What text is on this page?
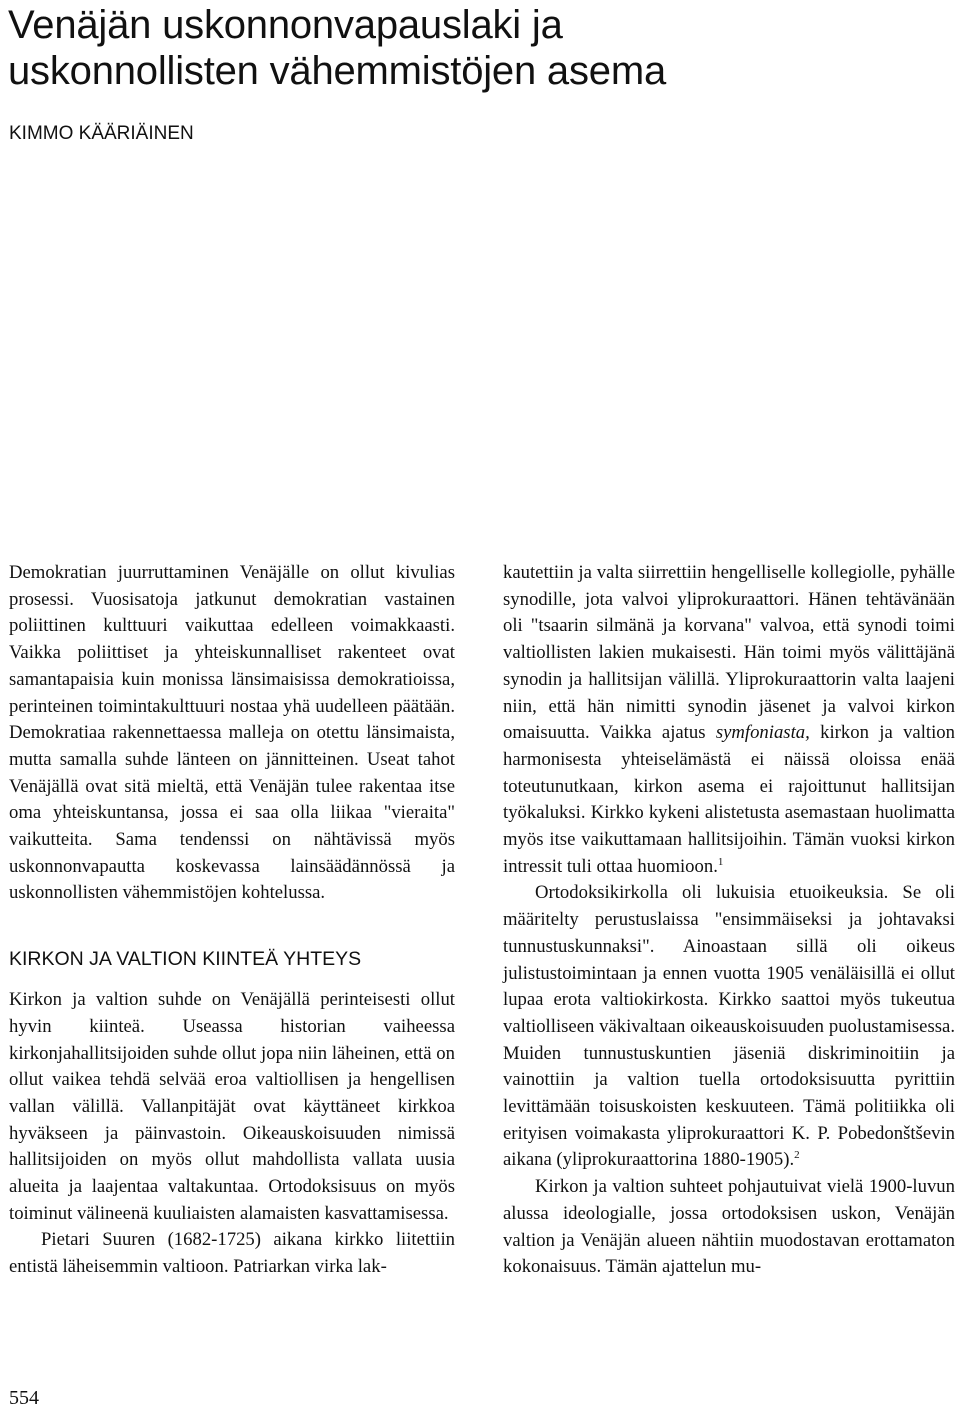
Venäjän uskonnonvapauslaki ja
uskonnollisten vähemmistöjen asema
KIMMO KÄÄRIÄINEN

Demokratian juurruttaminen Venäjälle on ollut kivulias prosessi. Vuosisatoja jatkunut demokratian vastainen poliittinen kulttuuri vaikuttaa edelleen voimakkaasti. Vaikka poliittiset ja yhteiskunnalliset rakenteet ovat samantapaisia kuin monissa länsimaisissa demokratioissa, perinteinen toimintakulttuuri nostaa yhä uudelleen päätään. Demokratiaa rakennettaessa malleja on otettu länsimaista, mutta samalla suhde länteen on jännitteinen. Useat tahot Venäjällä ovat sitä mieltä, että Venäjän tulee rakentaa itse oma yhteiskuntansa, jossa ei saa olla liikaa "vieraita" vaikutteita. Sama tendenssi on nähtävissä myös uskonnonvapautta koskevassa lainsäädännössä ja uskonnollisten vähemmistöjen kohtelussa.

KIRKON JA VALTION KIINTEÄ YHTEYS

Kirkon ja valtion suhde on Venäjällä perinteisesti ollut hyvin kiinteä. Useassa historian vaiheessa kirkonjahallitsijoiden suhde ollut jopa niin läheinen, että on ollut vaikea tehdä selvää eroa valtiollisen ja hengellisen vallan välillä. Vallanpitäjät ovat käyttäneet kirkkoa hyväkseen ja päinvastoin. Oikeauskoisuuden nimissä hallitsijoiden on myös ollut mahdollista vallata uusia alueita ja laajentaa valtakuntaa. Ortodoksisuus on myös toiminut välineenä kuuliaisten alamaisten kasvattamisessa.

Pietari Suuren (1682-1725) aikana kirkko liitettiin entistä läheisemmin valtioon. Patriarkan virka lak-

kautettiin ja valta siirrettiin hengelliselle kollegiolle, pyhälle synodille, jota valvoi yliprokuraattori. Hänen tehtävänään oli "tsaarin silmänä ja korvana" valvoa, että synodi toimi valtiollisten lakien mukaisesti. Hän toimi myös välittäjänä synodin ja hallitsijan välillä. Yliprokuraattorin valta laajeni niin, että hän nimitti synodin jäsenet ja valvoi kirkon omaisuutta. Vaikka ajatus symfoniasta, kirkon ja valtion harmonisesta yhteiselämästä ei näissä oloissa enää toteutunutkaan, kirkon asema ei rajoittunut hallitsijan työkaluksi. Kirkko kykeni alistetusta asemastaan huolimatta myös itse vaikuttamaan hallitsijoihin. Tämän vuoksi kirkon intressit tuli ottaa huomioon.$^1$

Ortodoksikirkolla oli lukuisia etuoikeuksia. Se oli määritelty perustuslaissa "ensimmäiseksi ja johtavaksi tunnustuskunnaksi". Ainoastaan sillä oli oikeus julistustoimintaan ja ennen vuotta 1905 venäläisillä ei ollut lupaa erota valtiokirkosta. Kirkko saattoi myös tukeutua valtiolliseen väkivaltaan oikeauskoisuuden puolustamisessa. Muiden tunnustuskuntien jäseniä diskriminoitiin ja vainottiin ja valtion tuella ortodoksisuutta pyrittiin levittämään toisuskoisten keskuuteen. Tämä politiikka oli erityisen voimakasta yliprokuraattori K. P. Pobedonštševin aikana (yliprokuraattorina 1880-1905).$^2$

Kirkon ja valtion suhteet pohjautuivat vielä 1900-luvun alussa ideologialle, jossa ortodoksisen uskon, Venäjän valtion ja Venäjän alueen nähtiin muodostavan erottamaton kokonaisuus. Tämän ajattelun mu-

554
